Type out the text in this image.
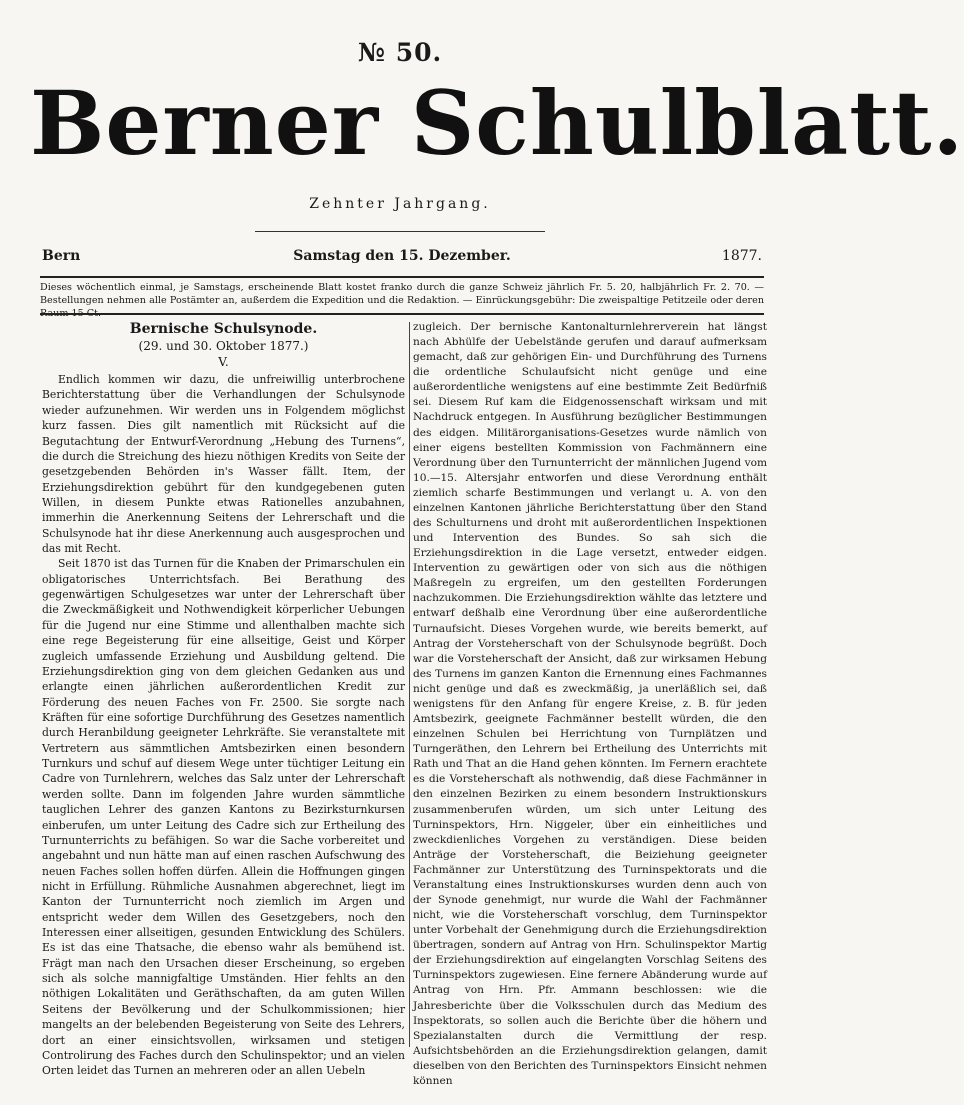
№ 50.
Berner Schulblatt.
Zehnter Jahrgang.
Bern	Samstag den 15. Dezember.	1877.
Dieses wöchentlich einmal, je Samstags, erscheinende Blatt kostet franko durch die ganze Schweiz jährlich Fr. 5. 20, halbjährlich Fr. 2. 70. — Bestellungen nehmen alle Postämter an, außerdem die Expedition und die Redaktion. — Einrückungsgebühr: Die zweispaltige Petitzeile oder deren
Bernische Schulsynode.
(29. und 30. Oktober 1877.)
V.

Endlich kommen wir dazu, die unfreiwillig unterbrochene Berichterstattung über die Verhandlungen der Schulsynode wieder aufzunehmen. Wir werden uns in Folgendem möglichst kurz fassen. Dies gilt namentlich mit Rücksicht auf die Begutachtung der Entwurf-Verordnung „Hebung des Turnens“, die durch die Streichung des hiezu nöthigen Kredits von Seite der gesetzgebenden Behörden in's Wasser fällt. Item, der Erziehungsdirektion gebührt für den kundgegebenen guten Willen, in diesem Punkte etwas Rationelles anzubahnen, immerhin die Anerkennung Seitens der Lehrerschaft und die Schulsynode hat ihr diese Anerkennung auch ausgesprochen und das mit Recht.

Seit 1870 ist das Turnen für die Knaben der Primarschulen ein obligatorisches Unterrichtsfach. Bei Berathung des gegenwärtigen Schulgesetzes war unter der Lehrerschaft über die Zweckmäßigkeit und Nothwendigkeit körperlicher Uebungen für die Jugend nur eine Stimme und allenthalben machte sich eine rege Begeisterung für eine allseitige, Geist und Körper zugleich umfassende Erziehung und Ausbildung geltend. Die Erziehungsdirektion ging von dem gleichen Gedanken aus und erlangte einen jährlichen außerordentlichen Kredit zur Förderung des neuen Faches von Fr. 2500. Sie sorgte nach Kräften für eine sofortige Durchführung des Gesetzes namentlich durch Heranbildung geeigneter Lehrkräfte. Sie veranstaltete mit Vertretern aus sämmtlichen Amtsbezirken einen besondern Turnkurs und schuf auf diesem Wege unter tüchtiger Leitung ein Cadre von Turnlehrern, welches das Salz unter der Lehrerschaft werden sollte. Dann im folgenden Jahre wurden sämmtliche tauglichen Lehrer des ganzen Kantons zu Bezirksturnkursen einberufen, um unter Leitung des Cadre sich zur Ertheilung des Turnunterrichts zu befähigen. So war die Sache vorbereitet und angebahnt und nun hätte man auf einen raschen Aufschwung des neuen Faches sollen hoffen dürfen. Allein die Hoffnungen gingen nicht in Erfüllung. Rühmliche Ausnahmen abgerechnet, liegt im Kanton der Turnunterricht noch ziemlich im Argen und entspricht weder dem Willen des Gesetzgebers, noch den Interessen einer allseitigen, gesunden Entwicklung des Schülers. Es ist das eine Thatsache, die ebenso wahr als bemühend ist. Frägt man nach den Ursachen dieser Erscheinung, so ergeben sich als solche mannigfaltige Umständen. Hier fehlts an den nöthigen Lokalitäten und Geräthschaften, da am guten Willen Seitens der Bevölkerung und der Schulkommissionen; hier mangelts an der belebenden Begeisterung von Seite des Lehrers, dort an einer einsichtsvollen, wirksamen und stetigen Controlirung des Faches durch den Schulinspektor; und an vielen Orten leidet das Turnen an mehreren oder an allen Uebeln

zugleich. Der bernische Kantonalturnlehrerverein hat längst nach Abhülfe der Uebelstände gerufen und darauf aufmerksam gemacht, daß zur gehörigen Ein- und Durchführung des Turnens die ordentliche Schulaufsicht nicht genüge und eine außerordentliche wenigstens auf eine bestimmte Zeit Bedürfniß sei. Diesem Ruf kam die Eidgenossenschaft wirksam und mit Nachdruck entgegen. In Ausführung bezüglicher Bestimmungen des eidgen. Militärorganisations-Gesetzes wurde nämlich von einer eigens bestellten Kommission von Fachmännern eine Verordnung über den Turnunterricht der männlichen Jugend vom 10.—15. Altersjahr entworfen und diese Verordnung enthält ziemlich scharfe Bestimmungen und verlangt u. A. von den einzelnen Kantonen jährliche Berichterstattung über den Stand des Schulturnens und droht mit außerordentlichen Inspektionen und Intervention des Bundes. So sah sich die Erziehungsdirektion in die Lage versetzt, entweder eidgen. Intervention zu gewärtigen oder von sich aus die nöthigen Maßregeln zu ergreifen, um den gestellten Forderungen nachzukommen. Die Erziehungsdirektion wählte das letztere und entwarf deßhalb eine Verordnung über eine außerordentliche Turnaufsicht. Dieses Vorgehen wurde, wie bereits bemerkt, auf Antrag der Vorsteherschaft von der Schulsynode begrüßt. Doch war die Vorsteherschaft der Ansicht, daß zur wirksamen Hebung des Turnens im ganzen Kanton die Ernennung eines Fachmannes nicht genüge und daß es zweckmäßig, ja unerläßlich sei, daß wenigstens für den Anfang für engere Kreise, z. B. für jeden Amtsbezirk, geeignete Fachmänner bestellt würden, die den einzelnen Schulen bei Herrichtung von Turnplätzen und Turngeräthen, den Lehrern bei Ertheilung des Unterrichts mit Rath und That an die Hand gehen könnten. Im Fernern erachtete es die Vorsteherschaft als nothwendig, daß diese Fachmänner in den einzelnen Bezirken zu einem besondern Instruktionskurs zusammenberufen würden, um sich unter Leitung des Turninspektors, Hrn. Niggeler, über ein einheitliches und zweckdienliches Vorgehen zu verständigen. Diese beiden Anträge der Vorsteherschaft, die Beiziehung geeigneter Fachmänner zur Unterstützung des Turninspektorats und die Veranstaltung eines Instruktionskurses wurden denn auch von der Synode genehmigt, nur wurde die Wahl der Fachmänner nicht, wie die Vorsteherschaft vorschlug, dem Turninspektor unter Vorbehalt der Genehmigung durch die Erziehungsdirektion übertragen, sondern auf Antrag von Hrn. Schulinspektor Martig der Erziehungsdirektion auf eingelangten Vorschlag Seitens des Turninspektors zugewiesen. Eine fernere Abänderung wurde auf Antrag von Hrn. Pfr. Ammann beschlossen: wie die Jahresberichte über die Volksschulen durch das Medium des Inspektorats, so sollen auch die Berichte über die höhern und Spezialanstalten durch die Vermittlung der resp. Aufsichtsbehörden an die Erziehungsdirektion gelangen, damit dieselben von den Berichten des Turninspektors Einsicht nehmen können
